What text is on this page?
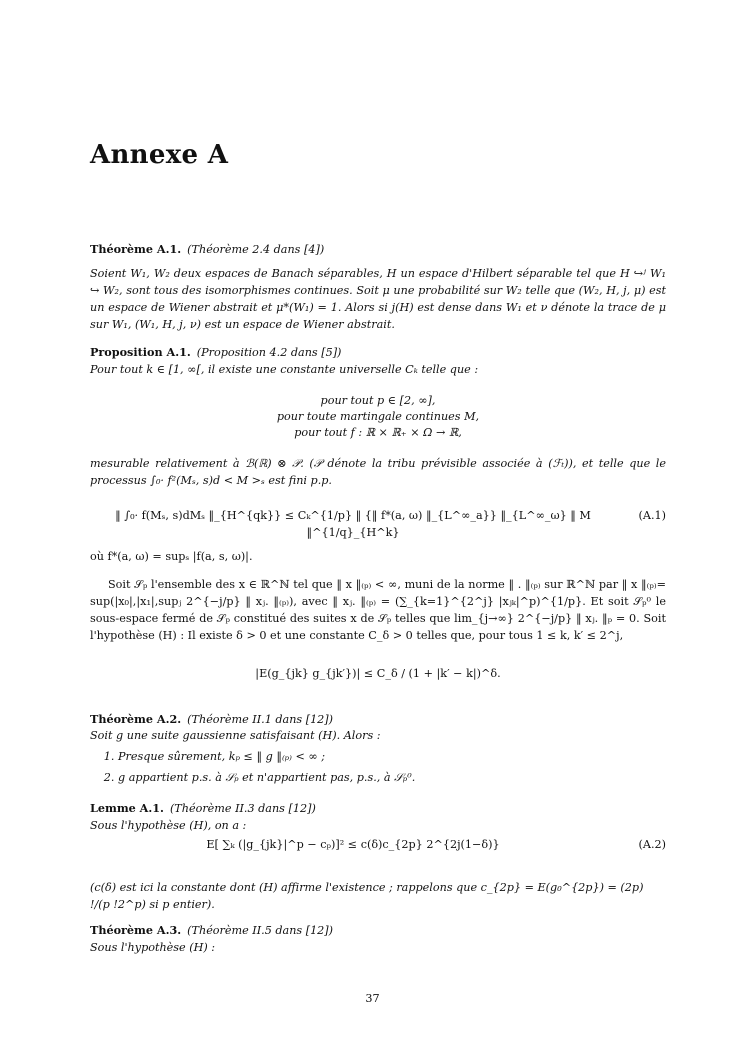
Annexe A
Théorème A.1. (Théorème 2.4 dans [4])
Soient W₁, W₂ deux espaces de Banach séparables, H un espace d'Hilbert séparable tel que H ↪ʲ W₁ ↪ W₂, sont tous des isomorphismes continues. Soit μ une probabilité sur W₂ telle que (W₂, H, j, μ) est un espace de Wiener abstrait et μ*(W₁) = 1. Alors si j(H) est dense dans W₁ et ν dénote la trace de μ sur W₁, (W₁, H, j, ν) est un espace de Wiener abstrait.
Proposition A.1. (Proposition 4.2 dans [5])
Pour tout k ∈ [1, ∞[, il existe une constante universelle Cₖ telle que :
pour tout p ∈ [2, ∞],
pour toute martingale continues M,
pour tout f : ℝ × ℝ₊ × Ω → ℝ,
mesurable relativement à ℬ(ℝ) ⊗ 𝒫. (𝒫 dénote la tribu prévisible associée à (ℱₜ)), et telle que le processus ∫₀· f²(Mₛ, s)d < M >ₛ est fini p.p.
‖ ∫₀· f(Mₛ, s)dMₛ ‖_{H^{qk}} ≤ Cₖ^{1/p} ‖ {‖ f*(a, ω) ‖_{L^∞_a}} ‖_{L^∞_ω} ‖ M ‖^{1/q}_{H^k}
(A.1)
où f*(a, ω) = supₛ |f(a, s, ω)|.
Soit 𝒮ₚ l'ensemble des x ∈ ℝ^ℕ tel que ‖ x ‖₍ₚ₎ < ∞, muni de la norme ‖ . ‖₍ₚ₎ sur ℝ^ℕ par ‖ x ‖₍ₚ₎= sup(|x₀|,|x₁|,supⱼ 2^{−j/p} ‖ xⱼ. ‖₍ₚ₎), avec ‖ xⱼ. ‖₍ₚ₎ = (∑_{k=1}^{2^j} |xⱼₖ|^p)^{1/p}. Et soit 𝒮ₚ⁰ le sous-espace fermé de 𝒮ₚ constitué des suites x de 𝒮ₚ telles que lim_{j→∞} 2^{−j/p} ‖ xⱼ. ‖ₚ = 0. Soit l'hypothèse (H) : Il existe δ > 0 et une constante C_δ > 0 telles que, pour tous 1 ≤ k, k′ ≤ 2^j,
|E(g_{jk} g_{jk′})| ≤ C_δ / (1 + |k′ − k|)^δ.
Théorème A.2. (Théorème II.1 dans [12])
Soit g une suite gaussienne satisfaisant (H). Alors :
1. Presque sûrement, kₚ ≤ ‖ g ‖₍ₚ₎ < ∞ ;
2. g appartient p.s. à 𝒮ₚ et n'appartient pas, p.s., à 𝒮ₚ⁰.
Lemme A.1. (Théorème II.3 dans [12])
Sous l'hypothèse (H), on a :
E[ ∑ₖ (|g_{jk}|^p − cₚ)]² ≤ c(δ)c_{2p} 2^{2j(1−δ)}	(A.2)
(c(δ) est ici la constante dont (H) affirme l'existence ; rappelons que c_{2p} = E(g₀^{2p}) = (2p) !/(p !2^p) si p entier).
Théorème A.3. (Théorème II.5 dans [12])
Sous l'hypothèse (H) :
37
